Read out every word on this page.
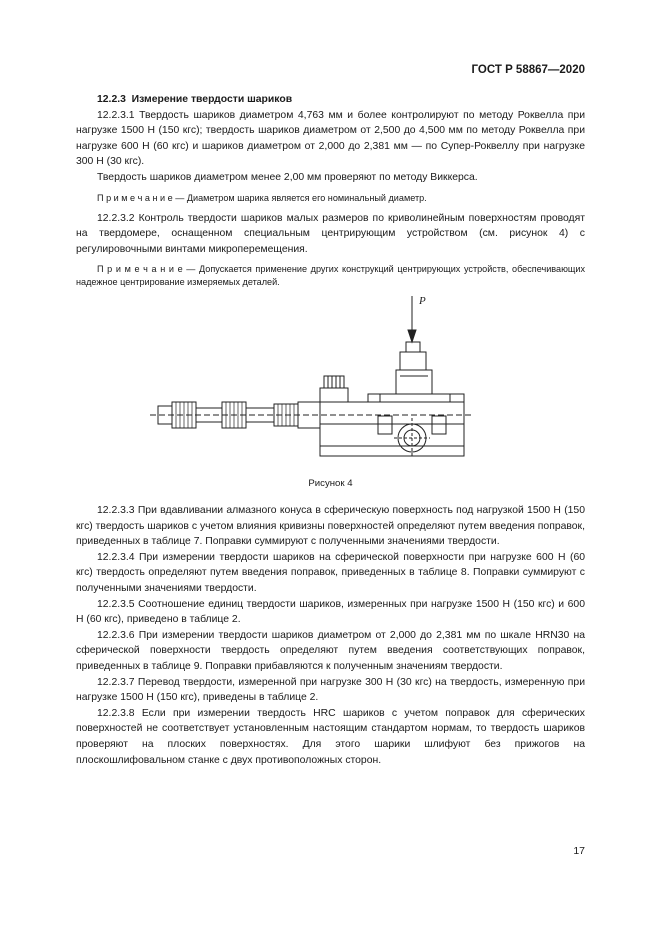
ГОСТ Р 58867—2020

12.2.3 Измерение твердости шариков

12.2.3.1 Твердость шариков диаметром 4,763 мм и более контролируют по методу Роквелла при нагрузке 1500 Н (150 кгс); твердость шариков диаметром от 2,500 до 4,500 мм по методу Роквелла при нагрузке 600 Н (60 кгс) и шариков диаметром от 2,000 до 2,381 мм — по Супер-Роквеллу при нагрузке 300 Н (30 кгс).

Твердость шариков диаметром менее 2,00 мм проверяют по методу Виккерса.

П р и м е ч а н и е — Диаметром шарика является его номинальный диаметр.

12.2.3.2 Контроль твердости шариков малых размеров по криволинейным поверхностям проводят на твердомере, оснащенном специальным центрирующим устройством (см. рисунок 4) с регулировочными винтами микроперемещения.

П р и м е ч а н и е — Допускается применение других конструкций центрирующих устройств, обеспечивающих надежное центрирование измеряемых деталей.

P
Рисунок 4

12.2.3.3 При вдавливании алмазного конуса в сферическую поверхность под нагрузкой 1500 Н (150 кгс) твердость шариков с учетом влияния кривизны поверхностей определяют путем введения поправок, приведенных в таблице 7. Поправки суммируют с полученными значениями твердости.

12.2.3.4 При измерении твердости шариков на сферической поверхности при нагрузке 600 Н (60 кгс) твердость определяют путем введения поправок, приведенных в таблице 8. Поправки суммируют с полученными значениями твердости.

12.2.3.5 Соотношение единиц твердости шариков, измеренных при нагрузке 1500 Н (150 кгс) и 600 Н (60 кгс), приведено в таблице 2.

12.2.3.6 При измерении твердости шариков диаметром от 2,000 до 2,381 мм по шкале HRN30 на сферической поверхности твердость определяют путем введения соответствующих поправок, приведенных в таблице 9. Поправки прибавляются к полученным значениям твердости.

12.2.3.7 Перевод твердости, измеренной при нагрузке 300 Н (30 кгс) на твердость, измеренную при нагрузке 1500 Н (150 кгс), приведены в таблице 2.

12.2.3.8 Если при измерении твердость HRC шариков с учетом поправок для сферических поверхностей не соответствует установленным настоящим стандартом нормам, то твердость шариков проверяют на плоских поверхностях. Для этого шарики шлифуют без прижогов на плоскошлифовальном станке с двух противоположных сторон.

17
